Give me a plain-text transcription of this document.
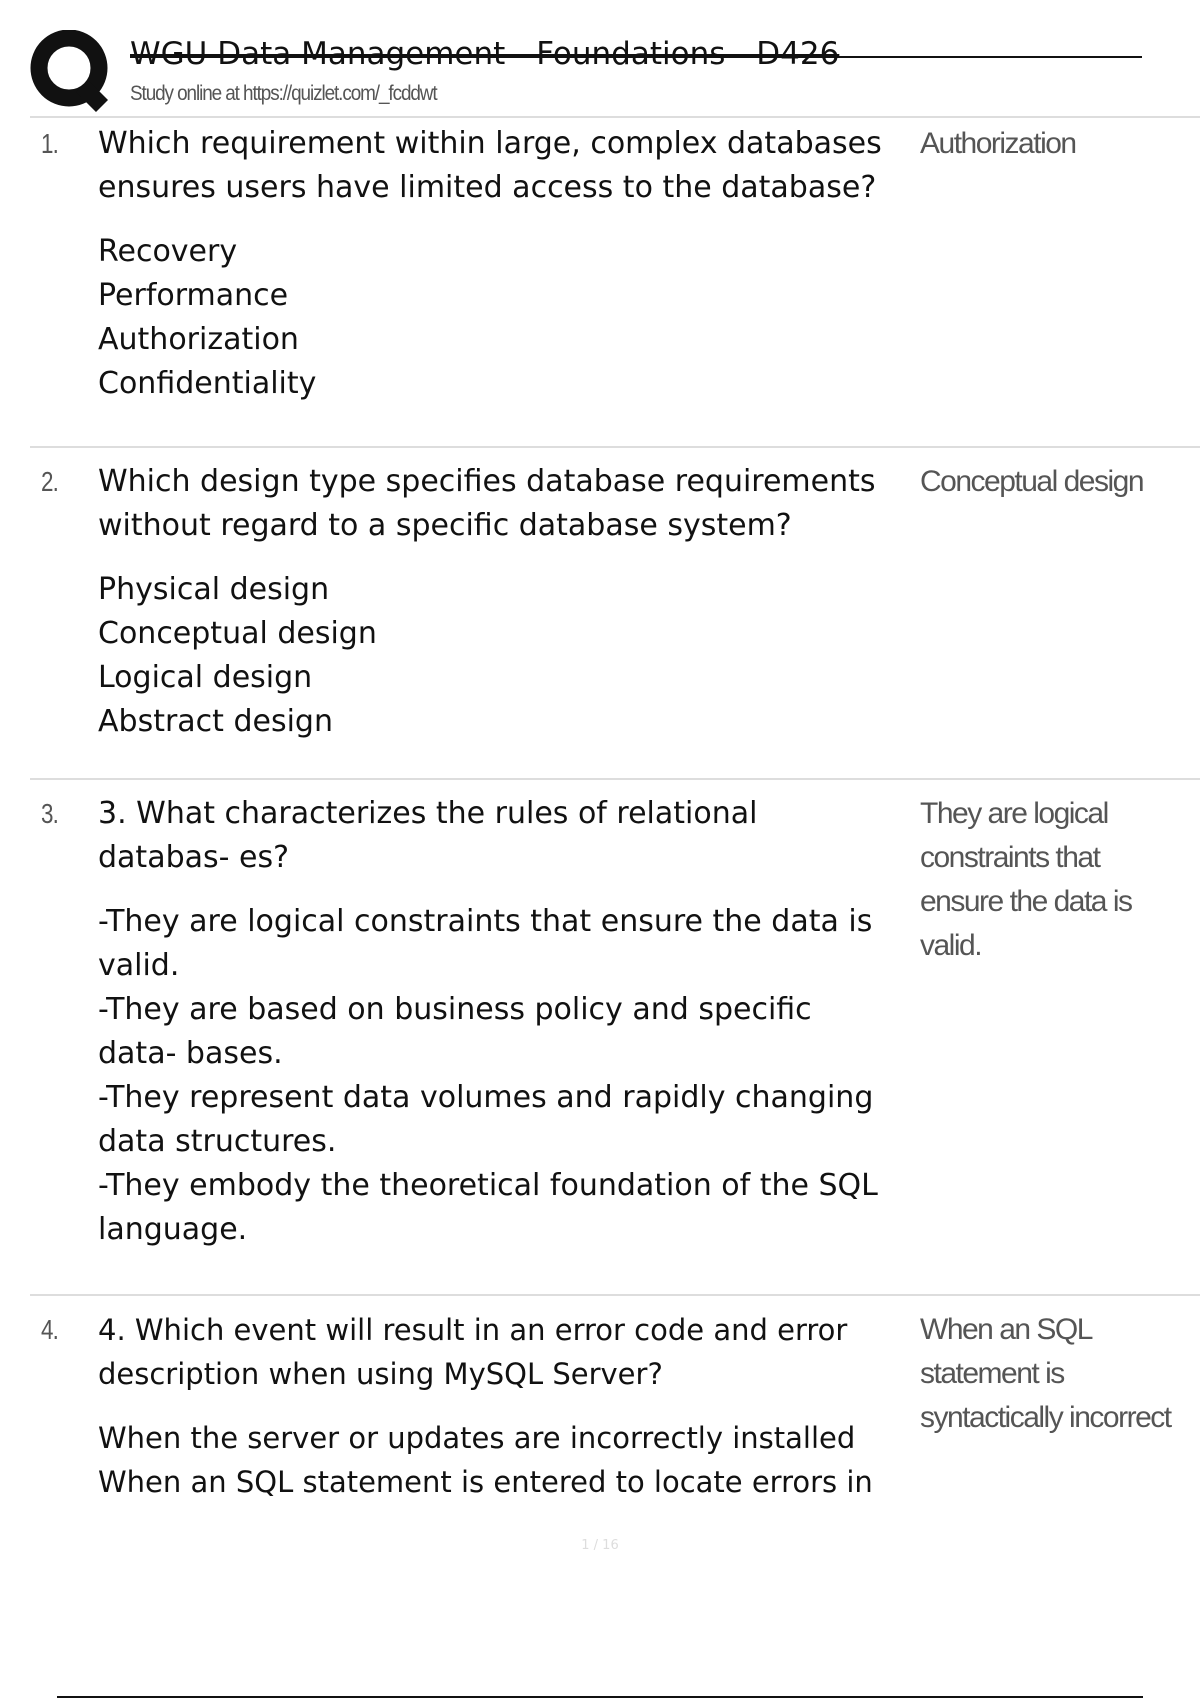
WGU Data Management - Foundations - D426
Study online at https://quizlet.com/_fcddwt
1. Which requirement within large, complex databases ensures users have limited access to the database?
Recovery
Performance
Authorization
Confidentiality
Authorization
2. Which design type specifies database requirements without regard to a specific database system?
Physical design
Conceptual design
Logical design
Abstract design
Conceptual design
3. 3. What characterizes the rules of relational databas- es?
-They are logical constraints that ensure the data is valid.
-They are based on business policy and specific data- bases.
-They represent data volumes and rapidly changing data structures.
-They embody the theoretical foundation of the SQL language.
They are logical constraints that ensure the data is valid.
4. 4. Which event will result in an error code and error description when using MySQL Server?
When the server or updates are incorrectly installed
When an SQL statement is entered to locate errors in
When an SQL statement is syntactically incorrect
1 / 16
